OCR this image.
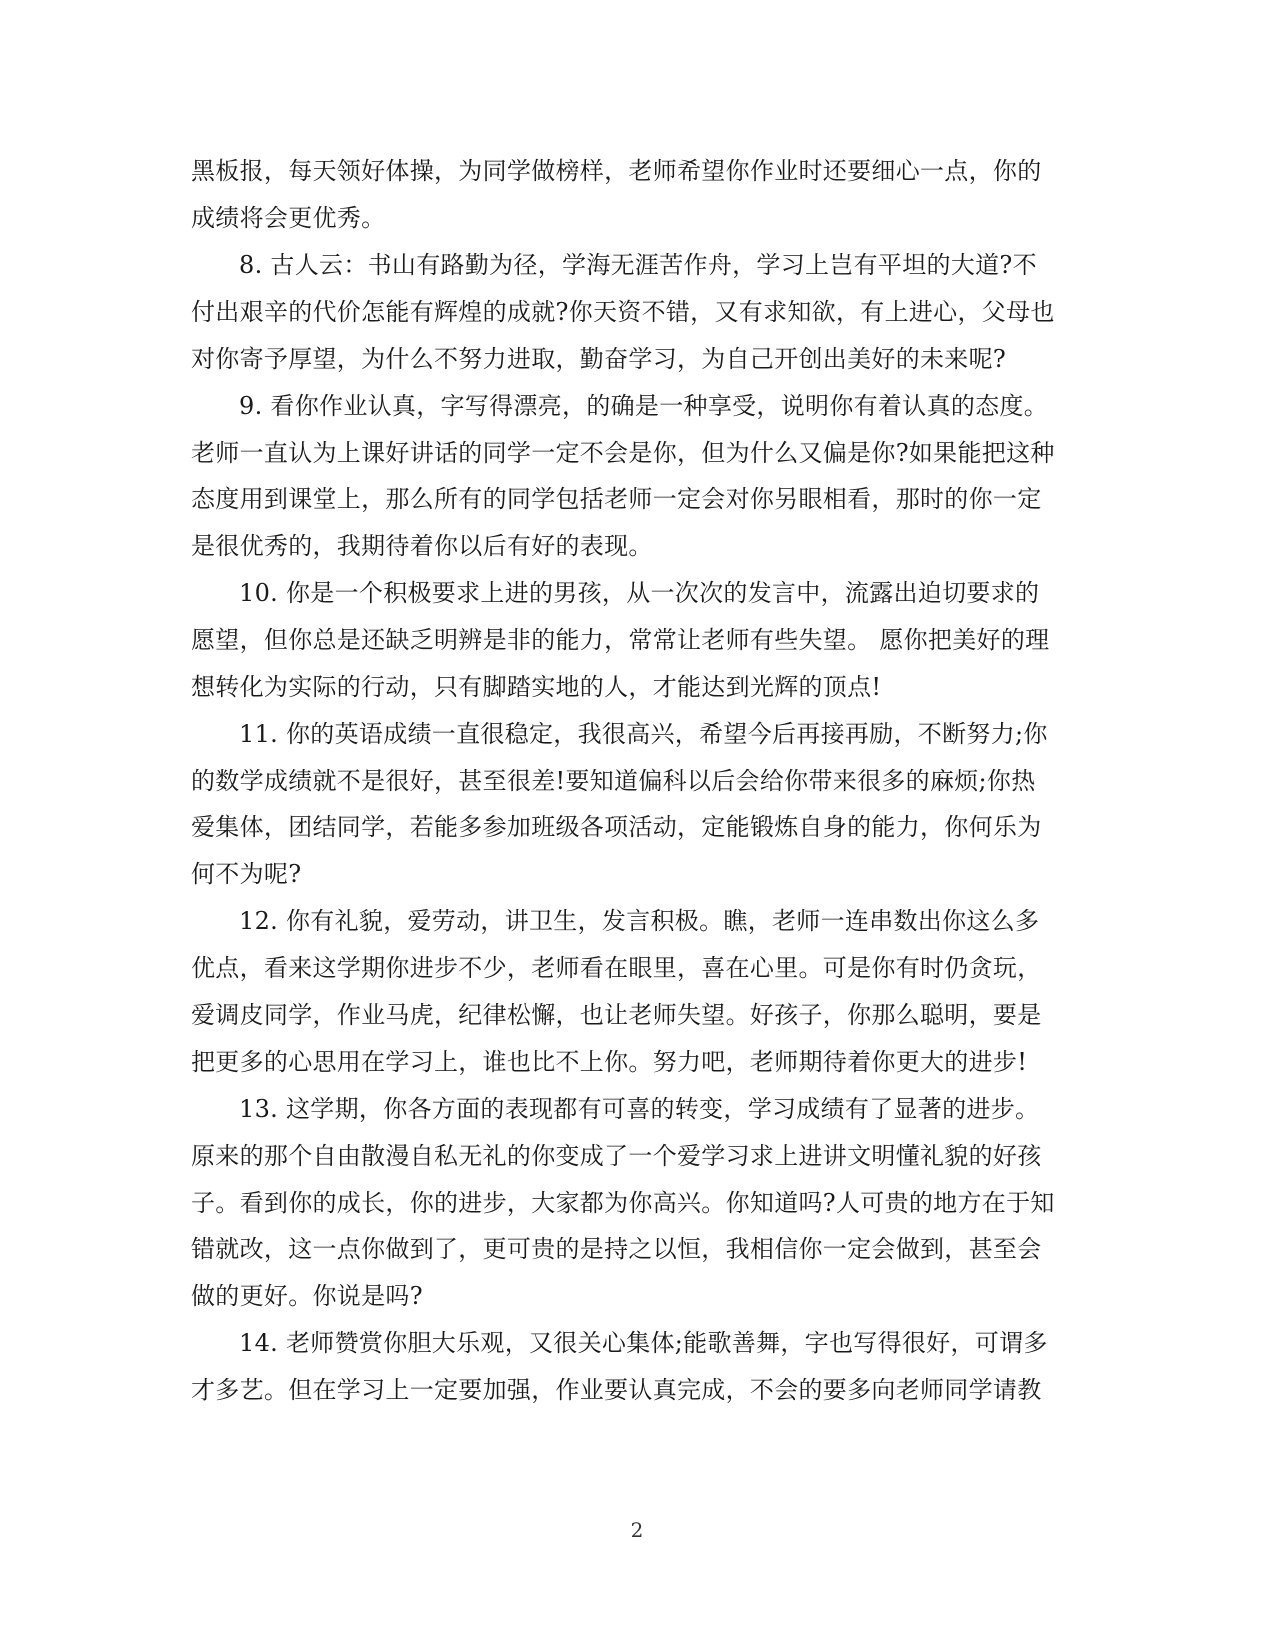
黑板报，每天领好体操，为同学做榜样，老师希望你作业时还要细心一点，你的
成绩将会更优秀。
8. 古人云：书山有路勤为径，学海无涯苦作舟，学习上岂有平坦的大道?不
付出艰辛的代价怎能有辉煌的成就?你天资不错，又有求知欲，有上进心，父母也
对你寄予厚望，为什么不努力进取，勤奋学习，为自己开创出美好的未来呢?
9. 看你作业认真，字写得漂亮，的确是一种享受，说明你有着认真的态度。
老师一直认为上课好讲话的同学一定不会是你，但为什么又偏是你?如果能把这种
态度用到课堂上，那么所有的同学包括老师一定会对你另眼相看，那时的你一定
是很优秀的，我期待着你以后有好的表现。
10. 你是一个积极要求上进的男孩，从一次次的发言中，流露出迫切要求的
愿望，但你总是还缺乏明辨是非的能力，常常让老师有些失望。 愿你把美好的理
想转化为实际的行动，只有脚踏实地的人，才能达到光辉的顶点!
11. 你的英语成绩一直很稳定，我很高兴，希望今后再接再励，不断努力;你
的数学成绩就不是很好，甚至很差!要知道偏科以后会给你带来很多的麻烦;你热
爱集体，团结同学，若能多参加班级各项活动，定能锻炼自身的能力，你何乐为
何不为呢?
12. 你有礼貌，爱劳动，讲卫生，发言积极。瞧，老师一连串数出你这么多
优点，看来这学期你进步不少，老师看在眼里，喜在心里。可是你有时仍贪玩，
爱调皮同学，作业马虎，纪律松懈，也让老师失望。好孩子，你那么聪明，要是
把更多的心思用在学习上，谁也比不上你。努力吧，老师期待着你更大的进步!
13. 这学期，你各方面的表现都有可喜的转变，学习成绩有了显著的进步。
原来的那个自由散漫自私无礼的你变成了一个爱学习求上进讲文明懂礼貌的好孩
子。看到你的成长，你的进步，大家都为你高兴。你知道吗?人可贵的地方在于知
错就改，这一点你做到了，更可贵的是持之以恒，我相信你一定会做到，甚至会
做的更好。你说是吗?
14. 老师赞赏你胆大乐观，又很关心集体;能歌善舞，字也写得很好，可谓多
才多艺。但在学习上一定要加强，作业要认真完成，不会的要多向老师同学请教
2
